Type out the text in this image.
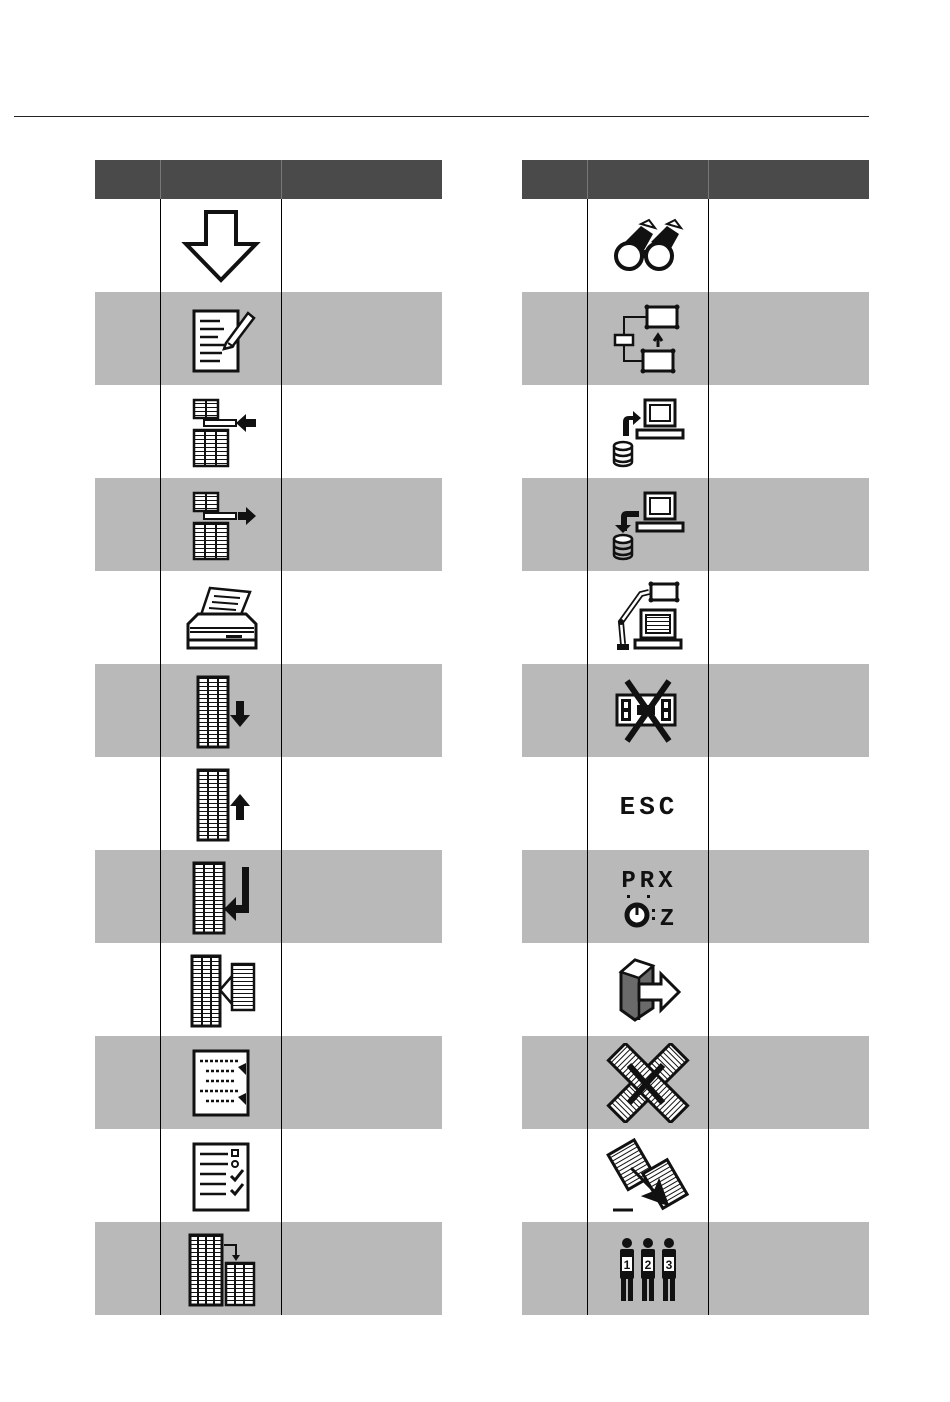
ESC	

PRX
Z	

1 2 3	
